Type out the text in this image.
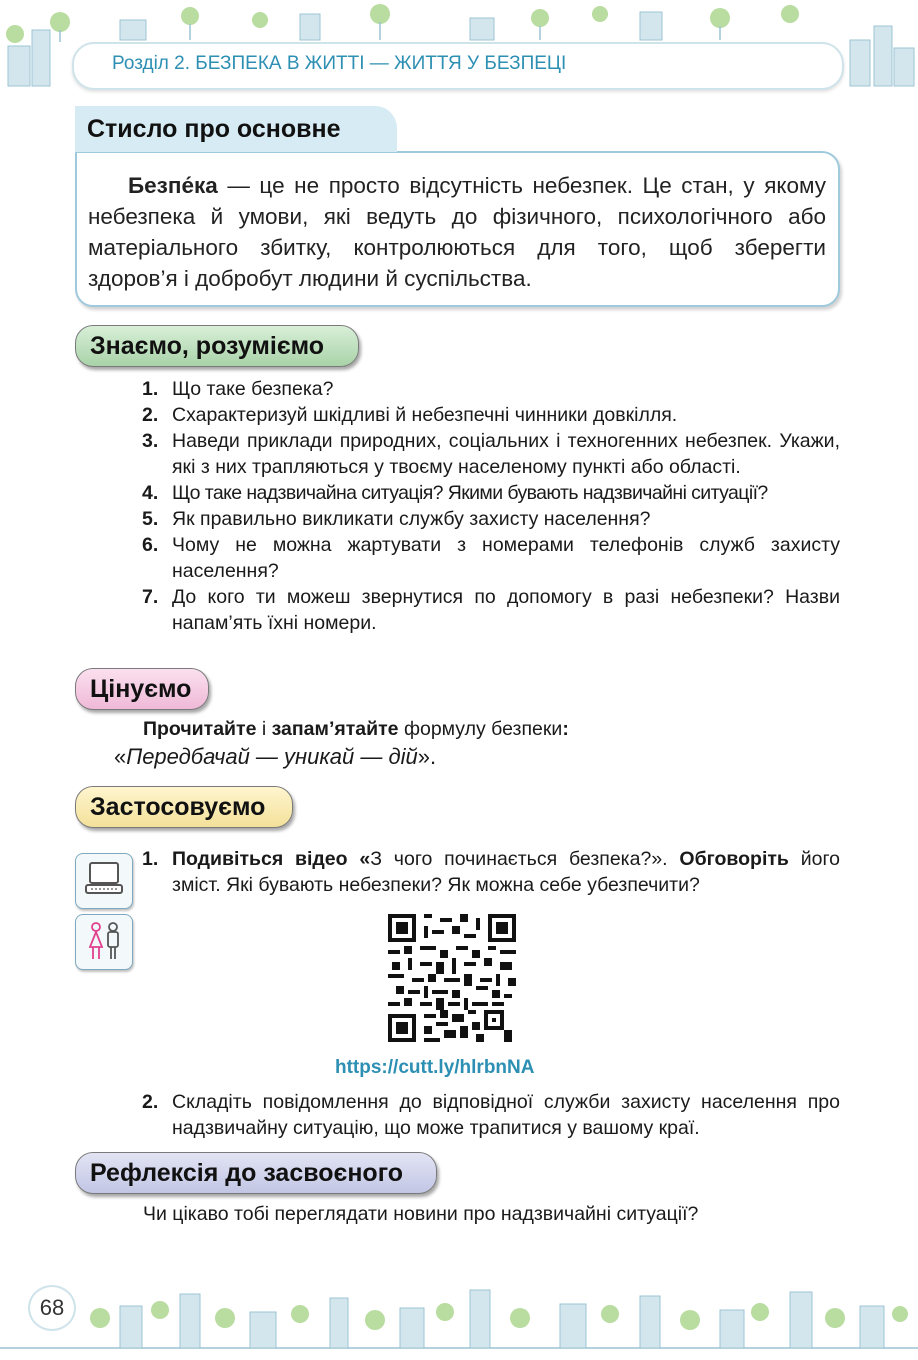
Розділ 2. БЕЗПЕКА В ЖИТТІ — ЖИТТЯ У БЕЗПЕЦІ
Стисло про основне
Безпе́ка — це не просто відсутність небезпек. Це стан, у якому небезпека й умови, які ведуть до фізичного, психологічного або матеріального збитку, контролюються для того, щоб зберегти здоров’я і добробут людини й суспільства.
Знаємо, розуміємо
1. Що таке безпека?
2. Схарактеризуй шкідливі й небезпечні чинники довкілля.
3. Наведи приклади природних, соціальних і техногенних небезпек. Укажи, які з них трапляються у твоєму населеному пункті або області.
4. Що таке надзвичайна ситуація? Якими бувають надзвичайні ситуації?
5. Як правильно викликати службу захисту населення?
6. Чому не можна жартувати з номерами телефонів служб захисту населення?
7. До кого ти можеш звернутися по допомогу в разі небезпеки? Назви напам’ять їхні номери.
Цінуємо
Прочитайте і запам’ятайте формулу безпеки:
«Передбачай — уникай — дій».
Застосовуємо
1. Подивіться відео «З чого починається безпека?». Обговоріть його зміст. Які бувають небезпеки? Як можна себе убезпечити?
https://cutt.ly/hlrbnNA
2. Складіть повідомлення до відповідної служби захисту населення про надзвичайну ситуацію, що може трапитися у вашому краї.
Рефлексія до засвоєного
Чи цікаво тобі переглядати новини про надзвичайні ситуації?
68
